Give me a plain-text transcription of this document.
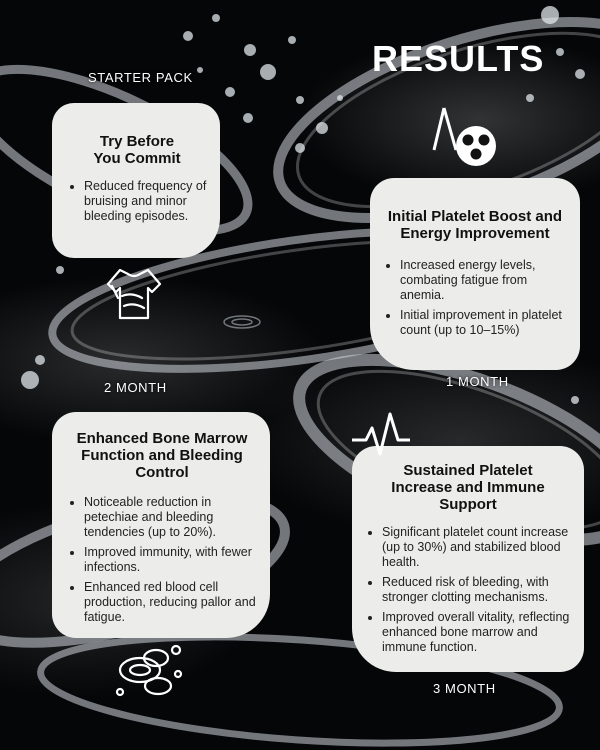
RESULTS
STARTER PACK
1 MONTH
2 MONTH
3 MONTH
Try Before
You Commit
• Reduced frequency of bruising and minor bleeding episodes.	Initial Platelet Boost and
Energy Improvement
• Increased energy levels, combating fatigue from anemia.
• Initial improvement in platelet count (up to 10–15%)
Enhanced Bone Marrow
Function and Bleeding
Control
• Noticeable reduction in petechiae and bleeding tendencies (up to 20%).
• Improved immunity, with fewer infections.
• Enhanced red blood cell production, reducing pallor and fatigue.
Sustained Platelet
Increase and Immune
Support
• Significant platelet count increase (up to 30%) and stabilized blood health.
• Reduced risk of bleeding, with stronger clotting mechanisms.
• Improved overall vitality, reflecting enhanced bone marrow and immune function.
